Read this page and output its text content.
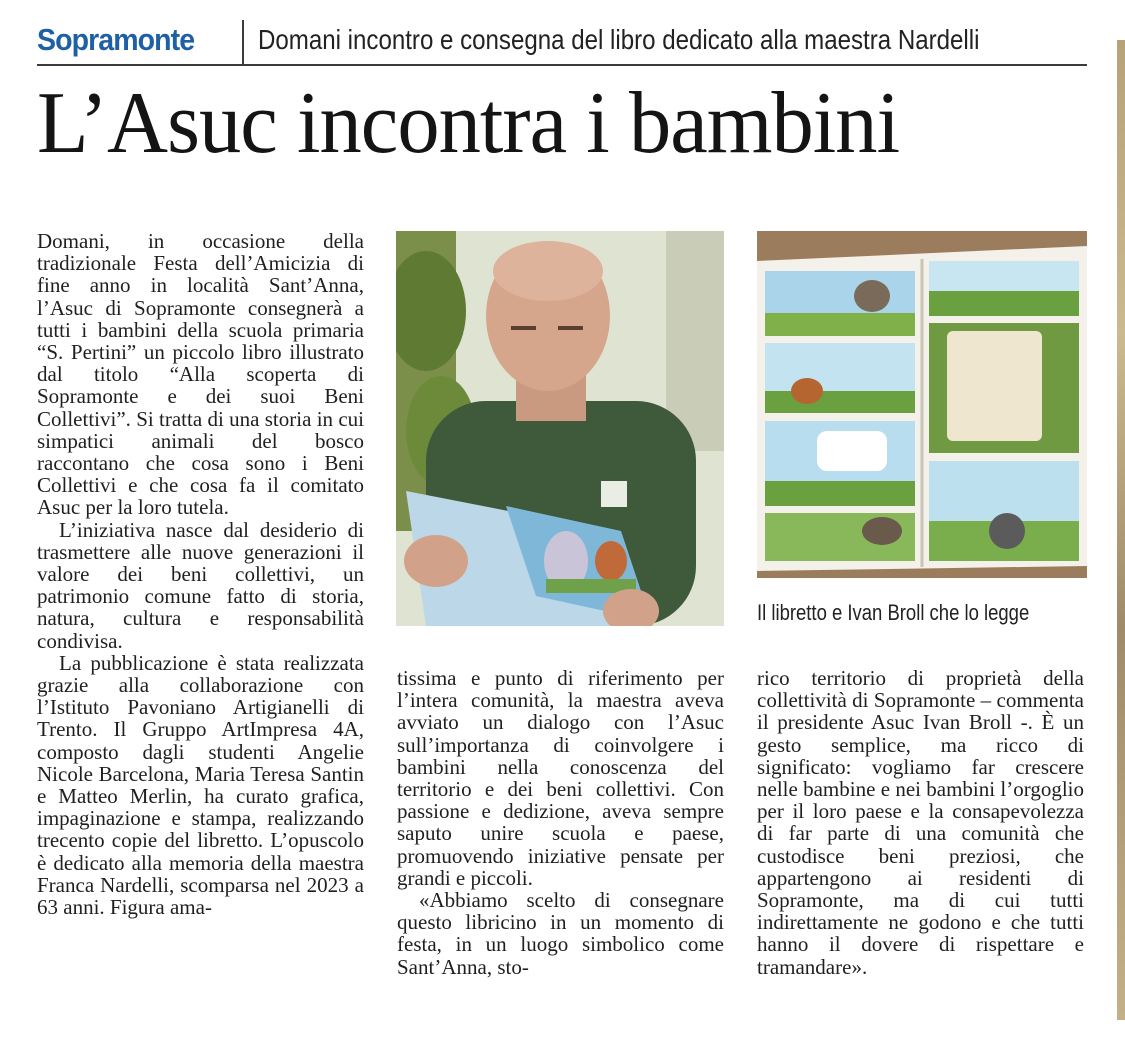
Sopramonte Domani incontro e consegna del libro dedicato alla maestra Nardelli
L’Asuc incontra i bambini

Domani, in occasione della tradizionale Festa dell’Amicizia di fine anno in località Sant’Anna, l’Asuc di Sopramonte consegnerà a tutti i bambini della scuola primaria “S. Pertini” un piccolo libro illustrato dal titolo “Alla scoperta di Sopramonte e dei suoi Beni Collettivi”. Si tratta di una storia in cui simpatici animali del bosco raccontano che cosa sono i Beni Collettivi e che cosa fa il comitato Asuc per la loro tutela.

L’iniziativa nasce dal desiderio di trasmettere alle nuove generazioni il valore dei beni collettivi, un patrimonio comune fatto di storia, natura, cultura e responsabilità condivisa.

La pubblicazione è stata realizzata grazie alla collaborazione con l’Istituto Pavoniano Artigianelli di Trento. Il Gruppo ArtImpresa 4A, composto dagli studenti Angelie Nicole Barcelona, Maria Teresa Santin e Matteo Merlin, ha curato grafica, impaginazione e stampa, realizzando trecento copie del libretto. L’opuscolo è dedicato alla memoria della maestra Franca Nardelli, scomparsa nel 2023 a 63 anni. Figura ama-

Il libretto e Ivan Broll che lo legge

tissima e punto di riferimento per l’intera comunità, la maestra aveva avviato un dialogo con l’Asuc sull’importanza di coinvolgere i bambini nella conoscenza del territorio e dei beni collettivi. Con passione e dedizione, aveva sempre saputo unire scuola e paese, promuovendo iniziative pensate per grandi e piccoli.

«Abbiamo scelto di consegnare questo libricino in un momento di festa, in un luogo simbolico come Sant’Anna, sto-

rico territorio di proprietà della collettività di Sopramonte – commenta il presidente Asuc Ivan Broll -. È un gesto semplice, ma ricco di significato: vogliamo far crescere nelle bambine e nei bambini l’orgoglio per il loro paese e la consapevolezza di far parte di una comunità che custodisce beni preziosi, che appartengono ai residenti di Sopramonte, ma di cui tutti indirettamente ne godono e che tutti hanno il dovere di rispettare e tramandare».
